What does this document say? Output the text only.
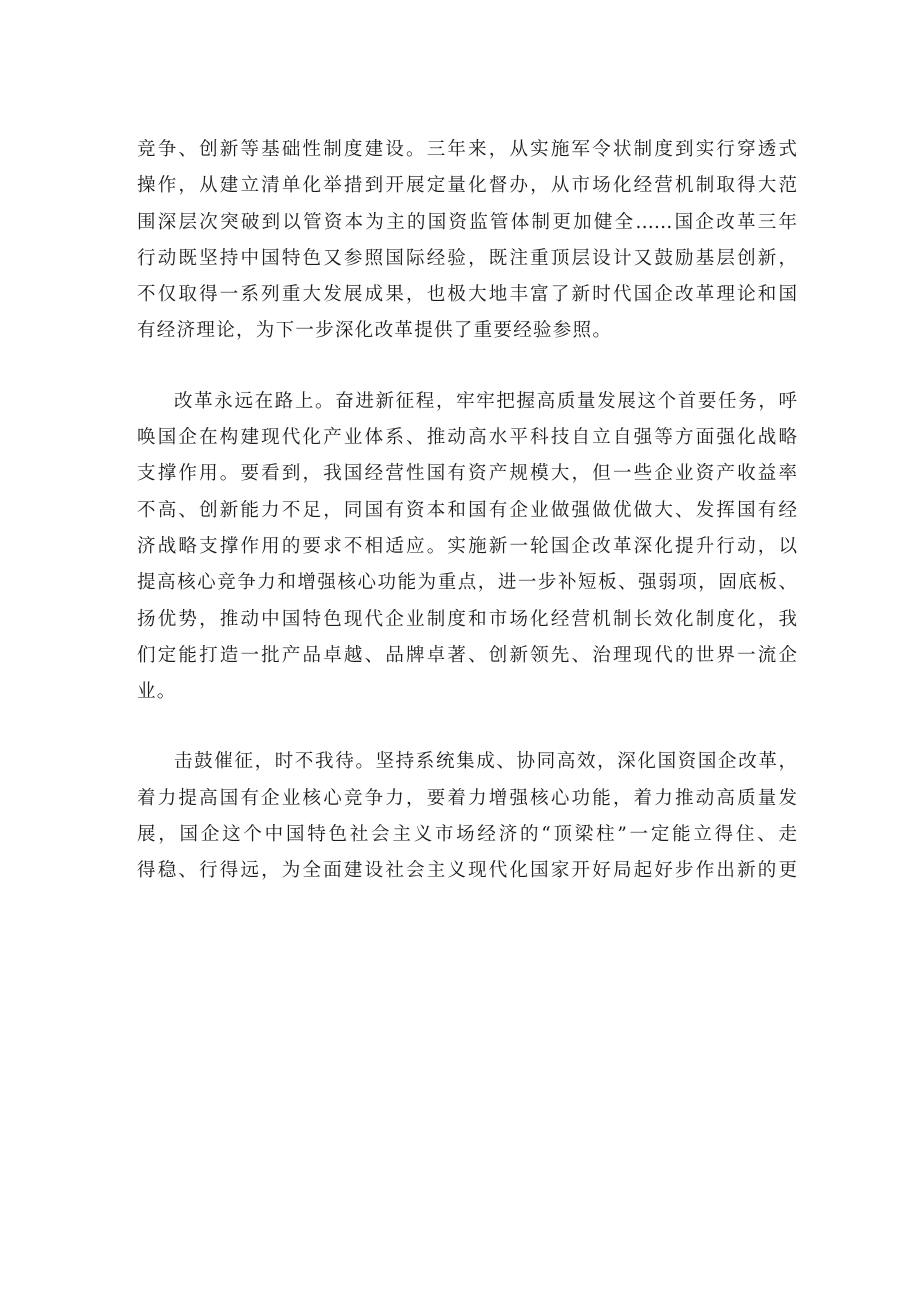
竞争、创新等基础性制度建设。三年来，从实施军令状制度到实行穿透式
操作，从建立清单化举措到开展定量化督办，从市场化经营机制取得大范
围深层次突破到以管资本为主的国资监管体制更加健全……国企改革三年
行动既坚持中国特色又参照国际经验，既注重顶层设计又鼓励基层创新，
不仅取得一系列重大发展成果，也极大地丰富了新时代国企改革理论和国
有经济理论，为下一步深化改革提供了重要经验参照。
改革永远在路上。奋进新征程，牢牢把握高质量发展这个首要任务，呼
唤国企在构建现代化产业体系、推动高水平科技自立自强等方面强化战略
支撑作用。要看到，我国经营性国有资产规模大，但一些企业资产收益率
不高、创新能力不足，同国有资本和国有企业做强做优做大、发挥国有经
济战略支撑作用的要求不相适应。实施新一轮国企改革深化提升行动，以
提高核心竞争力和增强核心功能为重点，进一步补短板、强弱项，固底板、
扬优势，推动中国特色现代企业制度和市场化经营机制长效化制度化，我
们定能打造一批产品卓越、品牌卓著、创新领先、治理现代的世界一流企
业。
击鼓催征，时不我待。坚持系统集成、协同高效，深化国资国企改革，
着力提高国有企业核心竞争力，要着力增强核心功能，着力推动高质量发
展，国企这个中国特色社会主义市场经济的“顶梁柱”一定能立得住、走
得稳、行得远，为全面建设社会主义现代化国家开好局起好步作出新的更
